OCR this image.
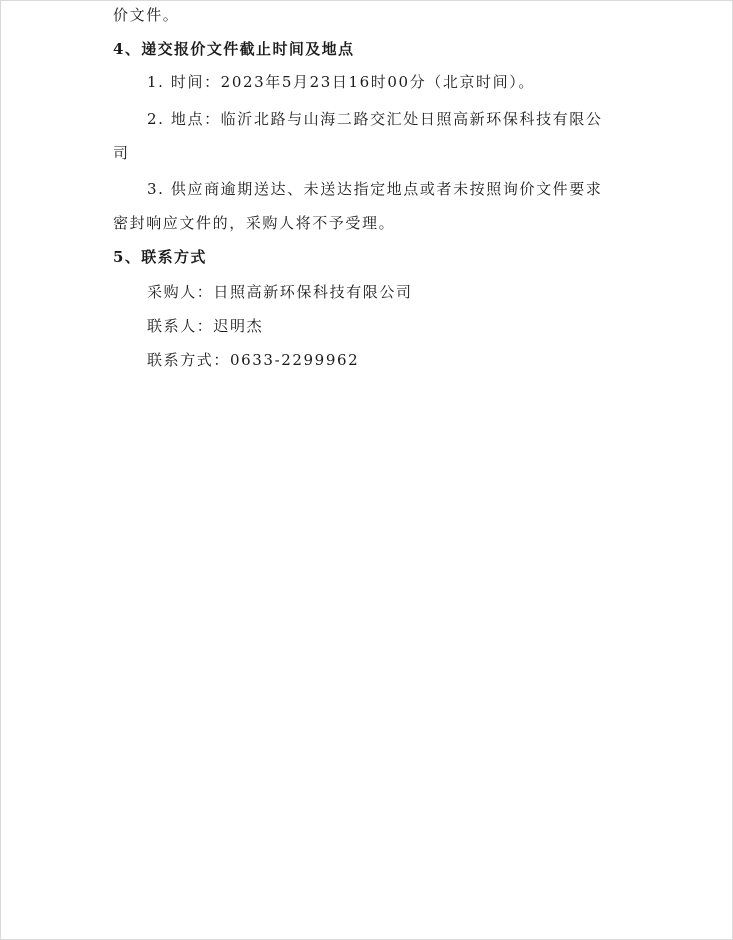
价文件。
4、递交报价文件截止时间及地点
1. 时间：2023年5月23日16时00分（北京时间）。
2. 地点：临沂北路与山海二路交汇处日照高新环保科技有限公
司
3. 供应商逾期送达、未送达指定地点或者未按照询价文件要求
密封响应文件的，采购人将不予受理。
5、联系方式
采购人：日照高新环保科技有限公司
联系人：迟明杰
联系方式：0633-2299962
